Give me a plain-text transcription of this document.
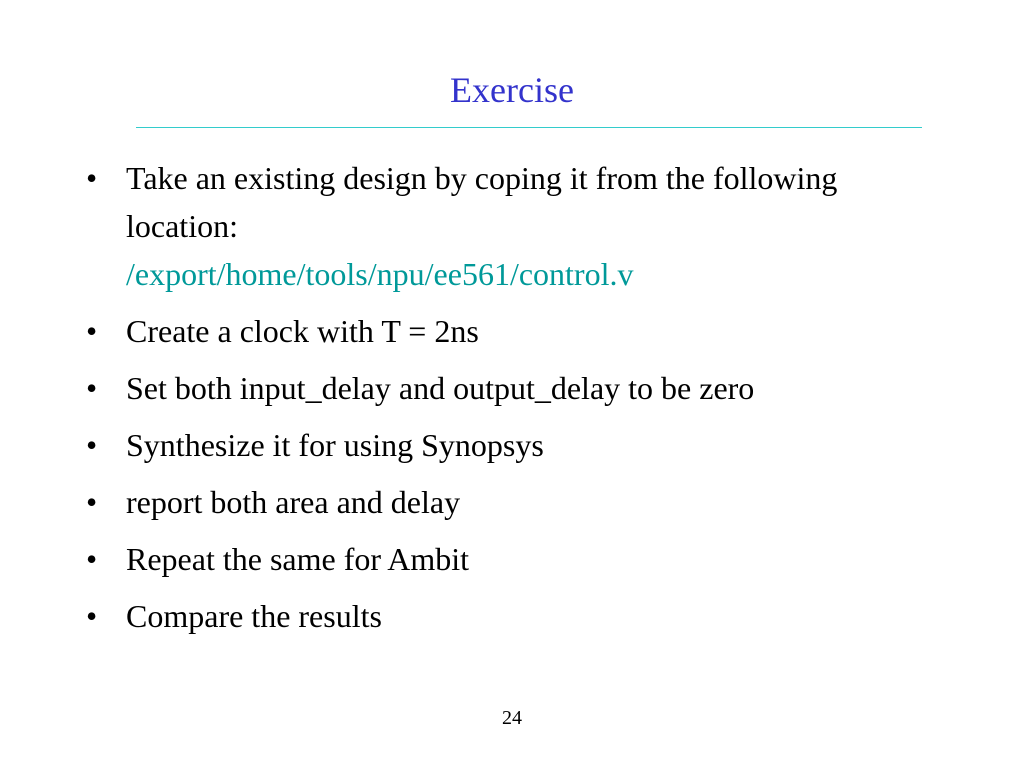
Exercise
• Take an existing design by coping it from the following location:
/export/home/tools/npu/ee561/control.v
• Create a clock with T = 2ns
• Set both input_delay and output_delay to be zero
• Synthesize it for using Synopsys
• report both area and delay
• Repeat the same for Ambit
• Compare the results
24
